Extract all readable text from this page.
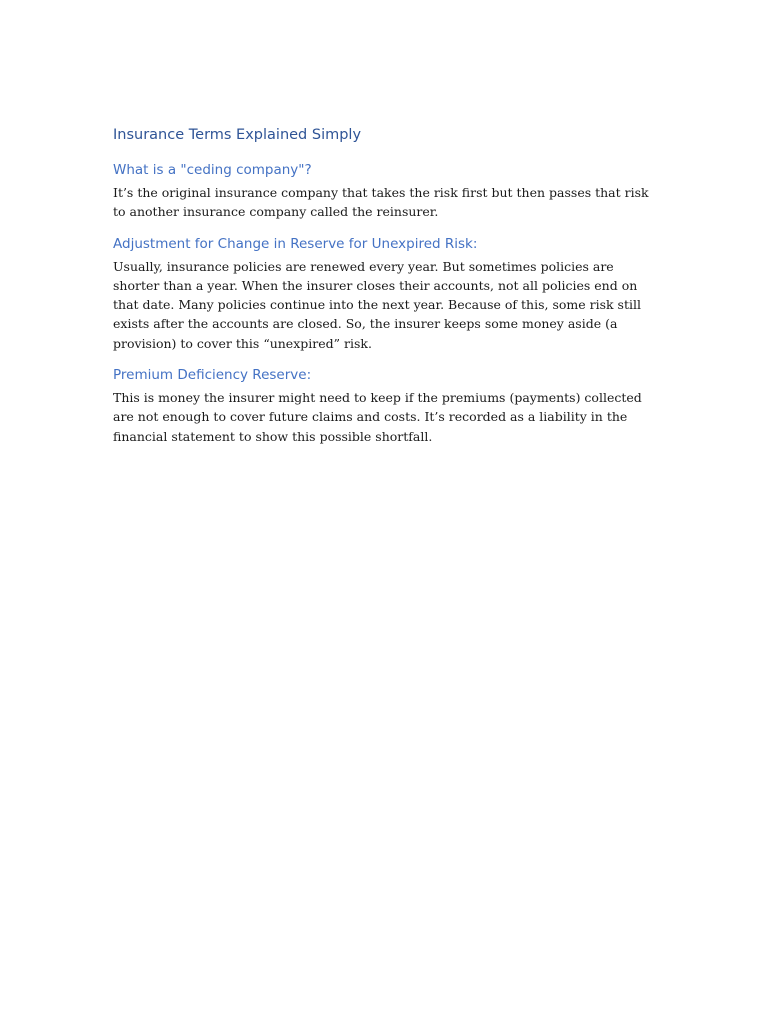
Insurance Terms Explained Simply
What is a "ceding company"?

It’s the original insurance company that takes the risk first but then passes that risk to another insurance company called the reinsurer.

Adjustment for Change in Reserve for Unexpired Risk:

Usually, insurance policies are renewed every year. But sometimes policies are shorter than a year. When the insurer closes their accounts, not all policies end on that date. Many policies continue into the next year. Because of this, some risk still exists after the accounts are closed. So, the insurer keeps some money aside (a provision) to cover this “unexpired” risk.

Premium Deficiency Reserve:

This is money the insurer might need to keep if the premiums (payments) collected are not enough to cover future claims and costs. It’s recorded as a liability in the financial statement to show this possible shortfall.
